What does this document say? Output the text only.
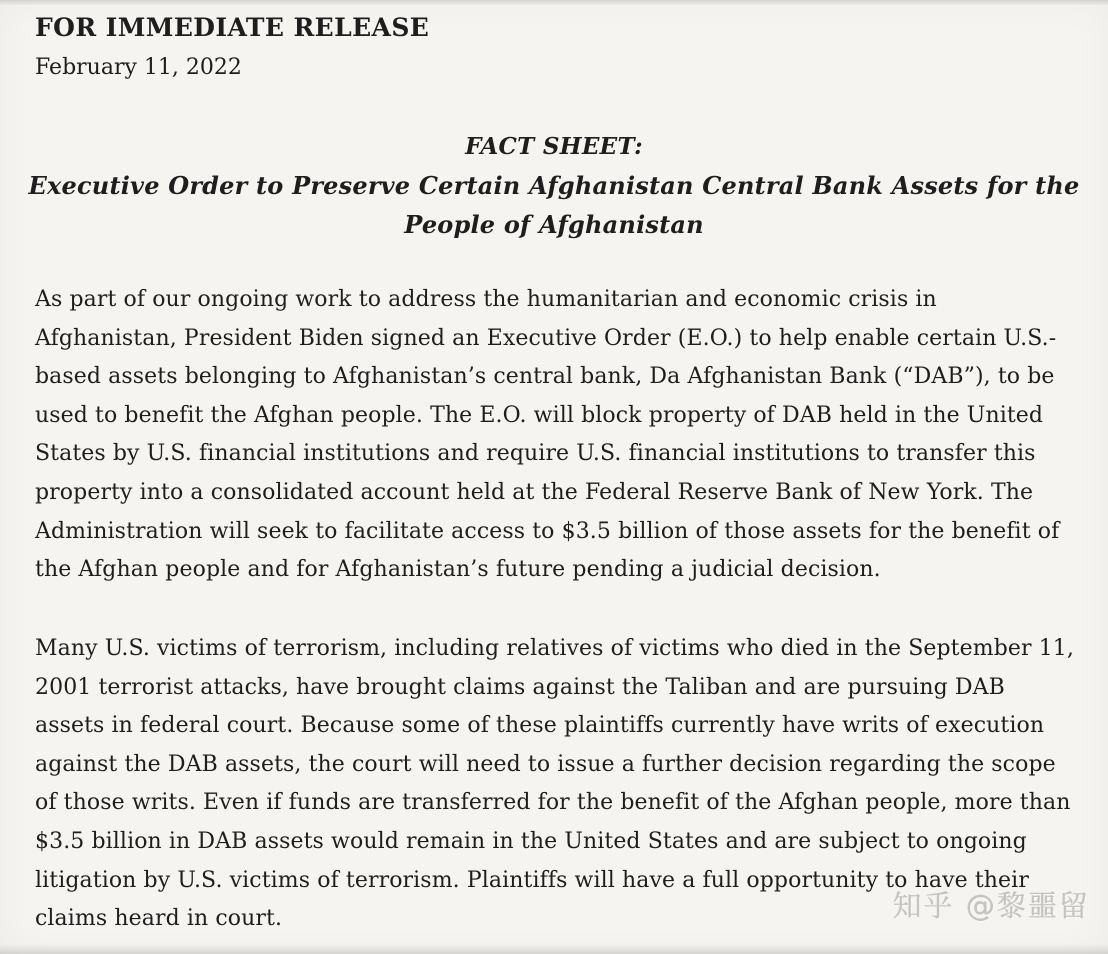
FOR IMMEDIATE RELEASE
February 11, 2022
FACT SHEET:
Executive Order to Preserve Certain Afghanistan Central Bank Assets for the
People of Afghanistan
As part of our ongoing work to address the humanitarian and economic crisis in
Afghanistan, President Biden signed an Executive Order (E.O.) to help enable certain U.S.-
based assets belonging to Afghanistan’s central bank, Da Afghanistan Bank (“DAB”), to be
used to benefit the Afghan people. The E.O. will block property of DAB held in the United
States by U.S. financial institutions and require U.S. financial institutions to transfer this
property into a consolidated account held at the Federal Reserve Bank of New York. The
Administration will seek to facilitate access to $3.5 billion of those assets for the benefit of
the Afghan people and for Afghanistan’s future pending a judicial decision.
Many U.S. victims of terrorism, including relatives of victims who died in the September 11,
2001 terrorist attacks, have brought claims against the Taliban and are pursuing DAB
assets in federal court. Because some of these plaintiffs currently have writs of execution
against the DAB assets, the court will need to issue a further decision regarding the scope
of those writs. Even if funds are transferred for the benefit of the Afghan people, more than
$3.5 billion in DAB assets would remain in the United States and are subject to ongoing
litigation by U.S. victims of terrorism. Plaintiffs will have a full opportunity to have their
claims heard in court.	知乎 @黎噩留
